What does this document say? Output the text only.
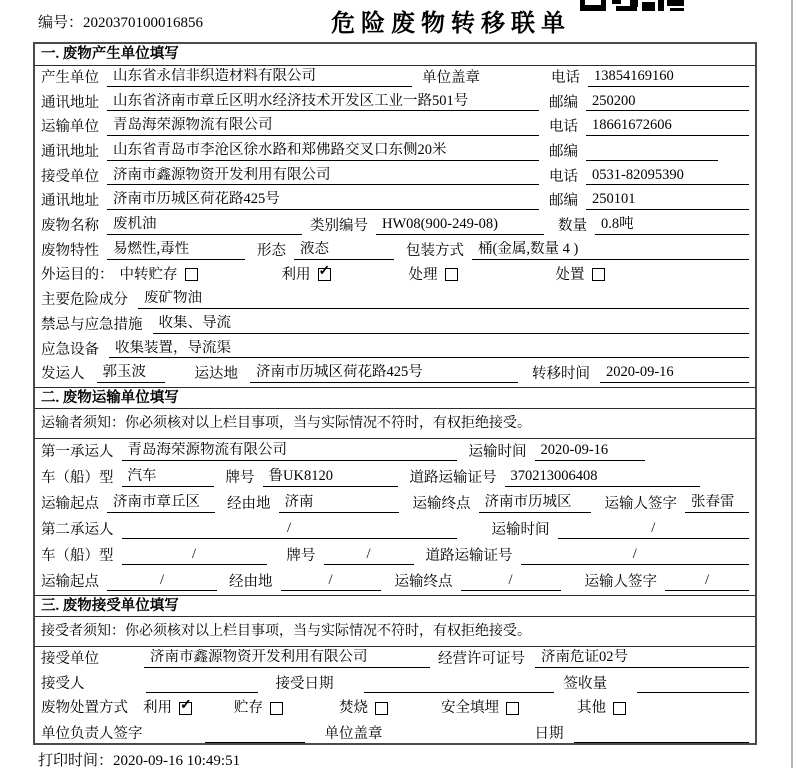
编号：2020370100016856	危险废物转移联单
一. 废物产生单位填写
产生单位 山东省永信非织造材料有限公司	单位盖章	电话 13854169160
通讯地址 山东省济南市章丘区明水经济技术开发区工业一路501号	邮编 250200
运输单位 青岛海荣源物流有限公司	电话 18661672606
通讯地址 山东省青岛市李沧区徐水路和郑佛路交叉口东侧20米	邮编
接受单位 济南市鑫源物资开发利用有限公司	电话 0531-82095390
通讯地址 济南市历城区荷花路425号	邮编 250101
废物名称 废机油	类别编号 HW08(900-249-08)	数量 0.8吨
废物特性 易燃性,毒性	形态 液态	包装方式 桶(金属,数量 4 )
外运目的： 中转贮存	利用 ✓	处理	处置
主要危险成分	废矿物油
禁忌与应急措施	收集、导流
应急设备	收集装置，导流渠
发运人	郭玉波	运达地	济南市历城区荷花路425号	转移时间	2020-09-16
二. 废物运输单位填写
运输者须知：你必须核对以上栏目事项，当与实际情况不符时，有权拒绝接受。
第一承运人 青岛海荣源物流有限公司	运输时间 2020-09-16
车（船）型 汽车	牌号 鲁UK8120	道路运输证号 370213006408
运输起点 济南市章丘区	经由地 济南	运输终点 济南市历城区	运输人签字 张春雷
第二承运人	/	运输时间	/
车（船）型	/	牌号	/	道路运输证号	/
运输起点	/	经由地	/	运输终点	/	运输人签字	/
三. 废物接受单位填写
接受者须知：你必须核对以上栏目事项，当与实际情况不符时，有权拒绝接受。
接受单位	济南市鑫源物资开发利用有限公司	经营许可证号	济南危证02号
接受人	接受日期	签收量
废物处置方式 利用 ✓	贮存	焚烧	安全填埋	其他
单位负责人签字	单位盖章	日期
打印时间：2020-09-16 10:49:51
